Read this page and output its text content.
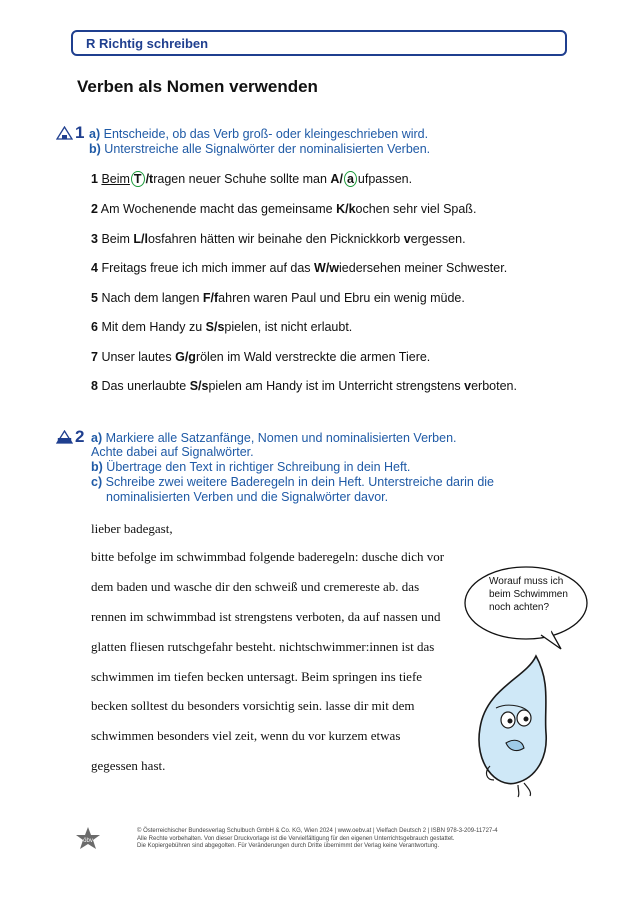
R Richtig schreiben
Verben als Nomen verwenden
1 a) Entscheide, ob das Verb groß- oder kleingeschrieben wird.
b) Unterstreiche alle Signalwörter der nominalisierten Verben.
1 Beim T /tragen neuer Schuhe sollte man A/ a ufpassen.
2 Am Wochenende macht das gemeinsame K/kochen sehr viel Spaß.
3 Beim L/losfahren hätten wir beinahe den Picknickkorb vergessen.
4 Freitags freue ich mich immer auf das W/wiedersehen meiner Schwester.
5 Nach dem langen F/fahren waren Paul und Ebru ein wenig müde.
6 Mit dem Handy zu S/spielen, ist nicht erlaubt.
7 Unser lautes G/grölen im Wald verstreckte die armen Tiere.
8 Das unerlaubte S/spielen am Handy ist im Unterricht strengstens verboten.
2 a) Markiere alle Satzanfänge, Nomen und nominalisierten Verben.
Achte dabei auf Signalwörter.
b) Übertrage den Text in richtiger Schreibung in dein Heft.
c) Schreibe zwei weitere Baderegeln in dein Heft. Unterstreiche darin die
nominalisierten Verben und die Signalwörter davor.
lieber badegast,
bitte befolge im schwimmbad folgende baderegeln: dusche dich vor
dem baden und wasche dir den schweiß und cremereste ab. das
rennen im schwimmbad ist strengstens verboten, da auf nassen und
glatten fliesen rutschgefahr besteht. nichtschwimmer:innen ist das
schwimmen im tiefen becken untersagt. Beim springen ins tiefe
becken solltest du besonders vorsichtig sein. lasse dir mit dem
schwimmen besonders viel zeit, wenn du vor kurzem etwas
gegessen hast.
Worauf muss ich
beim Schwimmen
noch achten?
öbv
© Österreichischer Bundesverlag Schulbuch GmbH & Co. KG, Wien 2024 | www.oebv.at | Vielfach Deutsch 2 | ISBN 978-3-209-11727-4
Alle Rechte vorbehalten. Von dieser Druckvorlage ist die Vervielfältigung für den eigenen Unterrichtsgebrauch gestattet.
Die Kopiergebühren sind abgegolten. Für Veränderungen durch Dritte übernimmt der Verlag keine Verantwortung.
